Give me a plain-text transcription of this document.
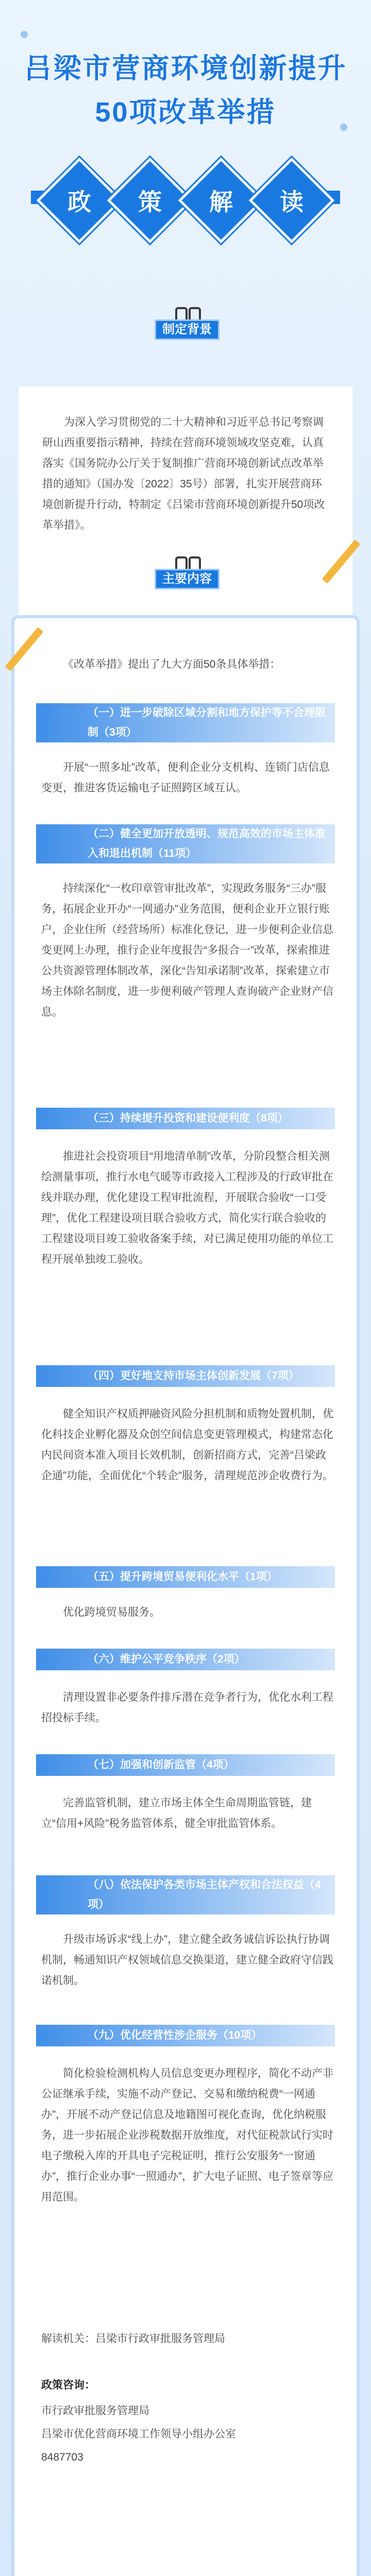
吕梁市营商环境创新提升
50项改革举措
政 策 解 读
制定背景
为深入学习贯彻党的二十大精神和习近平总书记考察调研山西重要指示精神，持续在营商环境领域攻坚克难，认真落实《国务院办公厅关于复制推广营商环境创新试点改革举措的通知》（国办发〔2022〕35号）部署，扎实开展营商环境创新提升行动，特制定《吕梁市营商环境创新提升50项改革举措》。
主要内容
《改革举措》提出了九大方面50条具体举措：
（一）进一步破除区域分割和地方保护等不合理限制（3项）
开展“一照多址”改革，便利企业分支机构、连锁门店信息变更，推进客货运输电子证照跨区域互认。
（二）健全更加开放透明、规范高效的市场主体准入和退出机制（11项）
持续深化“一枚印章管审批改革”，实现政务服务“三办”服务，拓展企业开办“一网通办”业务范围，便利企业开立银行账户，企业住所（经营场所）标准化登记，进一步便利企业信息变更网上办理，推行企业年度报告“多报合一”改革，探索推进公共资源管理体制改革，深化“告知承诺制”改革，探索建立市场主体除名制度，进一步便利破产管理人查询破产企业财产信息。
（三）持续提升投资和建设便利度（8项）
推进社会投资项目“用地清单制”改革，分阶段整合相关测绘测量事项，推行水电气暖等市政接入工程涉及的行政审批在线并联办理，优化建设工程审批流程，开展联合验收“一口受理”，优化工程建设项目联合验收方式，简化实行联合验收的工程建设项目竣工验收备案手续，对已满足使用功能的单位工程开展单独竣工验收。
（四）更好地支持市场主体创新发展（7项）
健全知识产权质押融资风险分担机制和质物处置机制，优化科技企业孵化器及众创空间信息变更管理模式，构建常态化内民间资本准入项目长效机制，创新招商方式，完善“吕梁政企通”功能，全面优化“个转企”服务，清理规范涉企收费行为。
（五）提升跨境贸易便利化水平（1项）
优化跨境贸易服务。
（六）维护公平竞争秩序（2项）
清理设置非必要条件排斥潜在竞争者行为，优化水利工程招投标手续。
（七）加强和创新监管（4项）
完善监管机制，建立市场主体全生命周期监管链，建立“信用+风险”税务监管体系，健全审批监管体系。
（八）依法保护各类市场主体产权和合法权益（4项）
升级市场诉求“线上办”，建立健全政务诚信诉讼执行协调机制，畅通知识产权领域信息交换渠道，建立健全政府守信践诺机制。
（九）优化经营性涉企服务（10项）
简化检验检测机构人员信息变更办理程序，简化不动产非公证继承手续，实施不动产登记、交易和缴纳税费“一网通办”，开展不动产登记信息及地籍图可视化查询，优化纳税服务，进一步拓展企业涉税数据开放维度，对代征税款试行实时电子缴税入库的开具电子完税证明，推行公安服务“一窗通办”，推行企业办事“一照通办”，扩大电子证照、电子签章等应用范围。
解读机关：吕梁市行政审批服务管理局
政策咨询：
市行政审批服务管理局
吕梁市优化营商环境工作领导小组办公室
8487703
